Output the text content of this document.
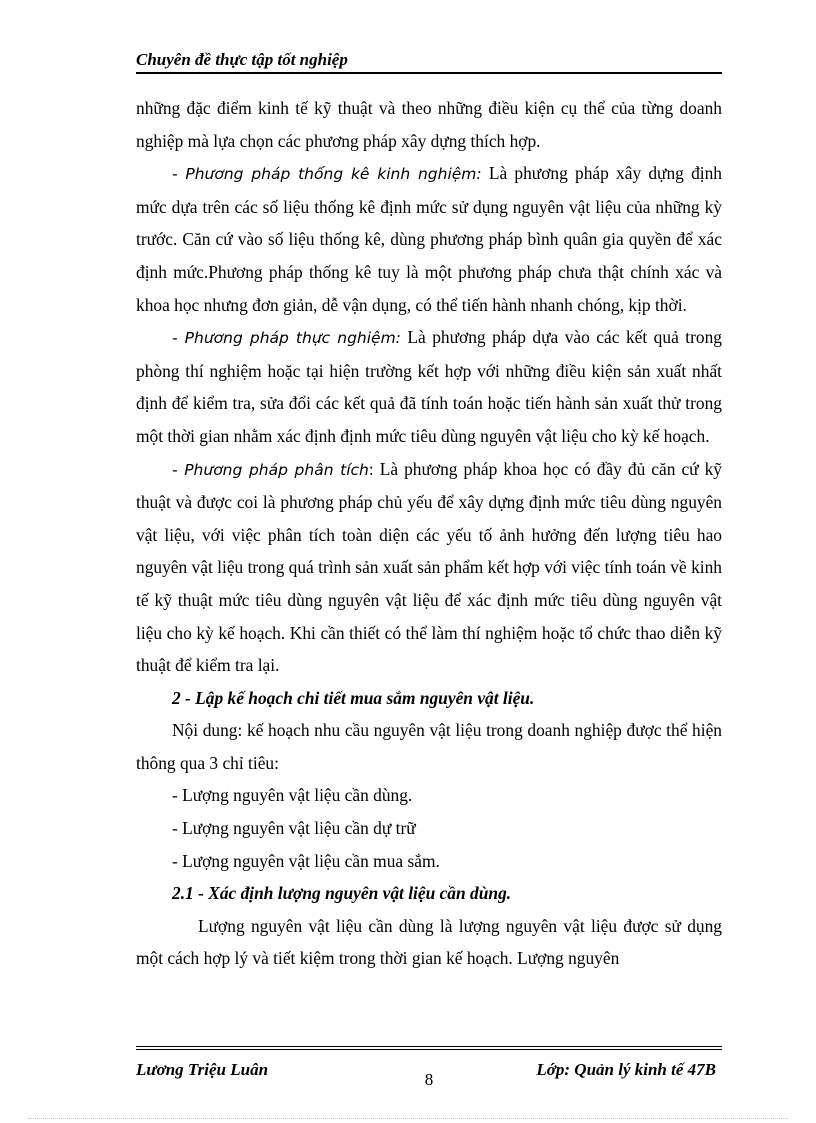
Chuyên đề thực tập tốt nghiệp

những đặc điểm kinh tế kỹ thuật và theo những điều kiện cụ thể của từng doanh nghiệp mà lựa chọn các phương pháp xây dựng thích hợp.

- Phương pháp thống kê kinh nghiệm: Là phương pháp xây dựng định mức dựa trên các số liệu thống kê định mức sử dụng nguyên vật liệu của những kỳ trước. Căn cứ vào số liệu thống kê, dùng phương pháp bình quân gia quyền để xác định mức.Phương pháp thống kê tuy là một phương pháp chưa thật chính xác và khoa học nhưng đơn giản, dễ vận dụng, có thể tiến hành nhanh chóng, kịp thời.

- Phương pháp thực nghiệm: Là phương pháp dựa vào các kết quả trong phòng thí nghiệm hoặc tại hiện trường kết hợp với những điều kiện sản xuất nhất định để kiểm tra, sửa đổi các kết quả đã tính toán hoặc tiến hành sản xuất thử trong một thời gian nhằm xác định định mức tiêu dùng nguyên vật liệu cho kỳ kế hoạch.

- Phương pháp phân tích: Là phương pháp khoa học có đầy đủ căn cứ kỹ thuật và được coi là phương pháp chủ yếu để xây dựng định mức tiêu dùng nguyên vật liệu, với việc phân tích toàn diện các yếu tố ảnh hưởng đến lượng tiêu hao nguyên vật liệu trong quá trình sản xuất sản phẩm kết hợp với việc tính toán về kinh tế kỹ thuật mức tiêu dùng nguyên vật liệu để xác định mức tiêu dùng nguyên vật liệu cho kỳ kế hoạch. Khi cần thiết có thể làm thí nghiệm hoặc tổ chức thao diễn kỹ thuật để kiểm tra lại.

2 - Lập kế hoạch chi tiết mua sắm nguyên vật liệu.

Nội dung: kế hoạch nhu cầu nguyên vật liệu trong doanh nghiệp được thể hiện thông qua 3 chỉ tiêu:

- Lượng nguyên vật liệu cần dùng.

- Lượng nguyên vật liệu cần dự trữ

- Lượng nguyên vật liệu cần mua sắm.

2.1 - Xác định lượng nguyên vật liệu cần dùng.

Lượng nguyên vật liệu cần dùng là lượng nguyên vật liệu được sử dụng một cách hợp lý và tiết kiệm trong thời gian kế hoạch. Lượng nguyên

Lương Triệu Luân
8
Lớp: Quản lý kinh tế 47B
